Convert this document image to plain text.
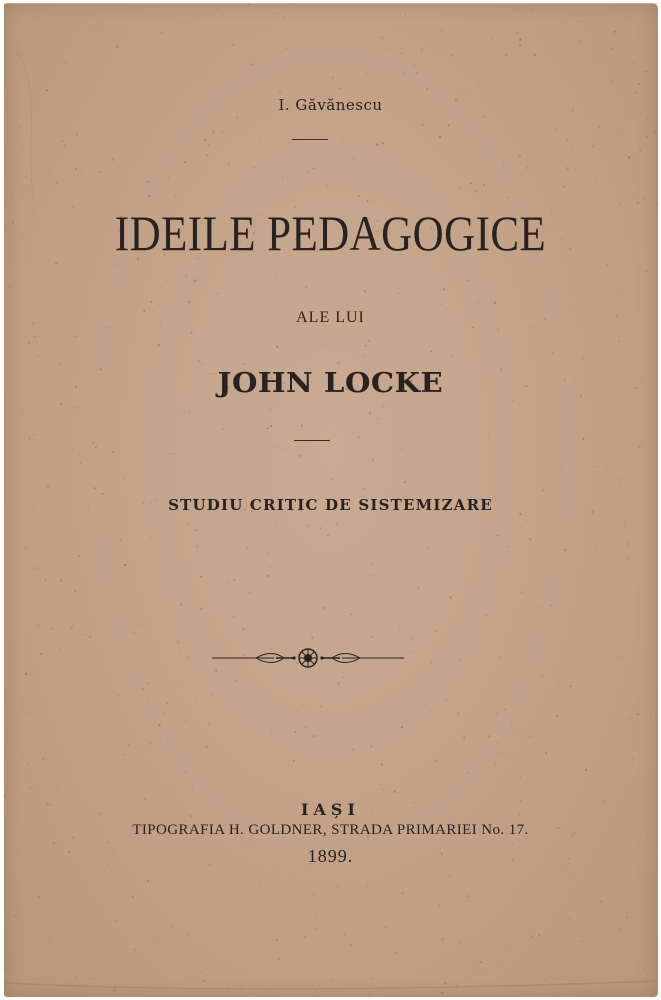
I. Găvănescu
IDEILE PEDAGOGICE
ALE LUI
JOHN LOCKE
STUDIU CRITIC DE SISTEMIZARE
IAȘI
TIPOGRAFIA H. GOLDNER, STRADA PRIMARIEI No. 17.
1899.
